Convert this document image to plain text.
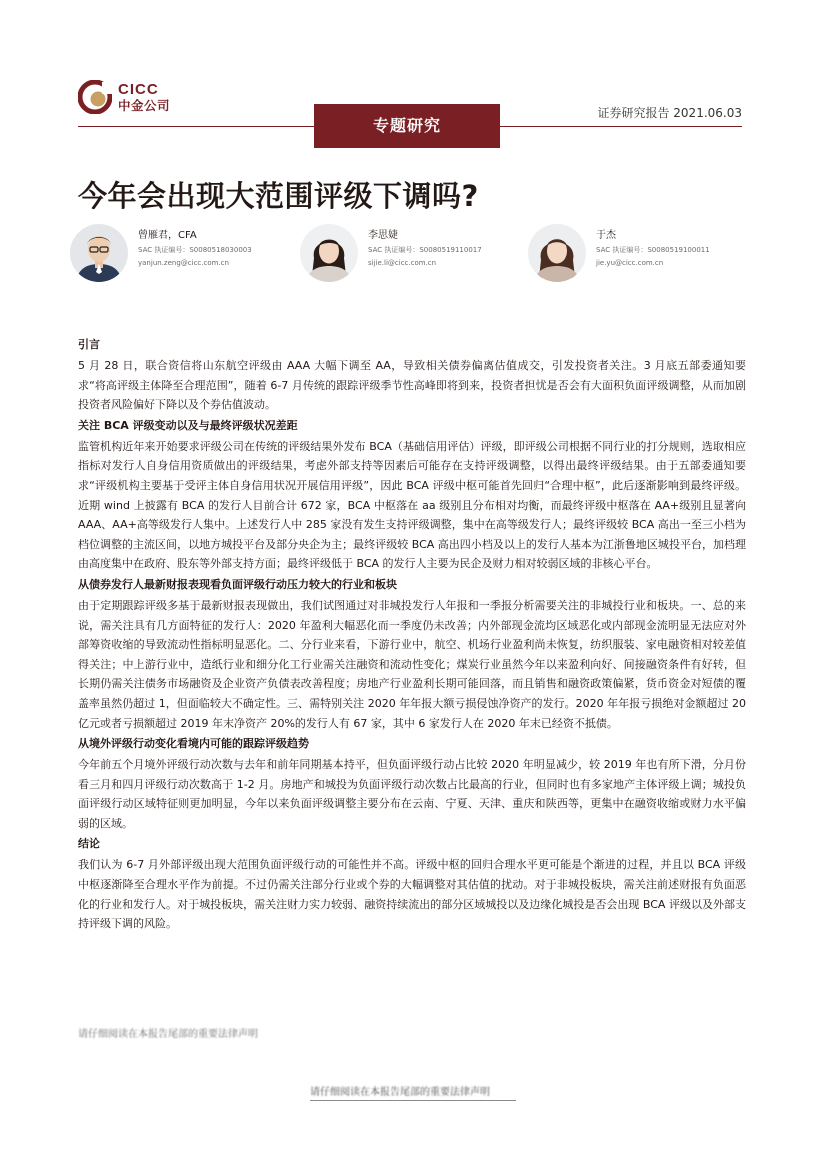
CICC
中金公司
专题研究
证券研究报告 2021.06.03
今年会出现大范围评级下调吗?
曾雁君，CFA
SAC 执证编号：S0080518030003
yanjun.zeng@cicc.com.cn
李思婕
SAC 执证编号：S0080519110017
sijie.li@cicc.com.cn
于杰
SAC 执证编号：S0080519100011
jie.yu@cicc.com.cn
引言
5 月 28 日，联合资信将山东航空评级由 AAA 大幅下调至 AA，导致相关债券偏离估值成交，引发投资者关注。3 月底五部委通知要求“将高评级主体降至合理范围”，随着 6-7 月传统的跟踪评级季节性高峰即将到来，投资者担忧是否会有大面积负面评级调整，从而加剧投资者风险偏好下降以及个券估值波动。
关注 BCA 评级变动以及与最终评级状况差距
监管机构近年来开始要求评级公司在传统的评级结果外发布 BCA（基础信用评估）评级，即评级公司根据不同行业的打分规则，选取相应指标对发行人自身信用资质做出的评级结果，考虑外部支持等因素后可能存在支持评级调整，以得出最终评级结果。由于五部委通知要求“评级机构主要基于受评主体自身信用状况开展信用评级”，因此 BCA 评级中枢可能首先回归“合理中枢”，此后逐渐影响到最终评级。近期 wind 上披露有 BCA 的发行人目前合计 672 家，BCA 中枢落在 aa 级别且分布相对均衡，而最终评级中枢落在 AA+级别且显著向 AAA、AA+高等级发行人集中。上述发行人中 285 家没有发生支持评级调整，集中在高等级发行人；最终评级较 BCA 高出一至三小档为档位调整的主流区间，以地方城投平台及部分央企为主；最终评级较 BCA 高出四小档及以上的发行人基本为江浙鲁地区城投平台，加档理由高度集中在政府、股东等外部支持方面；最终评级低于 BCA 的发行人主要为民企及财力相对较弱区域的非核心平台。
从债券发行人最新财报表现看负面评级行动压力较大的行业和板块
由于定期跟踪评级多基于最新财报表现做出，我们试图通过对非城投发行人年报和一季报分析需要关注的非城投行业和板块。一、总的来说，需关注具有几方面特征的发行人：2020 年盈利大幅恶化而一季度仍未改善；内外部现金流均区域恶化或内部现金流明显无法应对外部筹资收缩的导致流动性指标明显恶化。二、分行业来看，下游行业中，航空、机场行业盈利尚未恢复，纺织服装、家电融资相对较差值得关注；中上游行业中，造纸行业和细分化工行业需关注融资和流动性变化；煤炭行业虽然今年以来盈利向好、间接融资条件有好转，但长期仍需关注债务市场融资及企业资产负债表改善程度；房地产行业盈利长期可能回落，而且销售和融资政策偏紧，货币资金对短债的覆盖率虽然仍超过 1，但面临较大不确定性。三、需特别关注 2020 年年报大额亏损侵蚀净资产的发行。2020 年年报亏损绝对金额超过 20 亿元或者亏损额超过 2019 年末净资产 20%的发行人有 67 家，其中 6 家发行人在 2020 年末已经资不抵债。
从境外评级行动变化看境内可能的跟踪评级趋势
今年前五个月境外评级行动次数与去年和前年同期基本持平，但负面评级行动占比较 2020 年明显减少，较 2019 年也有所下滑，分月份看三月和四月评级行动次数高于 1-2 月。房地产和城投为负面评级行动次数占比最高的行业，但同时也有多家地产主体评级上调；城投负面评级行动区域特征则更加明显，今年以来负面评级调整主要分布在云南、宁夏、天津、重庆和陕西等，更集中在融资收缩或财力水平偏弱的区域。
结论
我们认为 6-7 月外部评级出现大范围负面评级行动的可能性并不高。评级中枢的回归合理水平更可能是个渐进的过程，并且以 BCA 评级中枢逐渐降至合理水平作为前提。不过仍需关注部分行业或个券的大幅调整对其估值的扰动。对于非城投板块，需关注前述财报有负面恶化的行业和发行人。对于城投板块，需关注财力实力较弱、融资持续流出的部分区域城投以及边缘化城投是否会出现 BCA 评级以及外部支持评级下调的风险。
请仔细阅读在本报告尾部的重要法律声明
请仔细阅读在本报告尾部的重要法律声明
